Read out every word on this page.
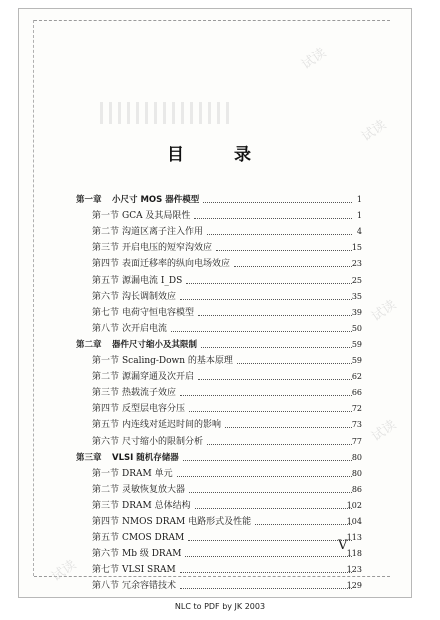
试读
试读
试读
试读
试读
目 录
第一章 小尺寸 MOS 器件模型	1
第一节 GCA 及其局限性	1
第二节 沟道区离子注入作用	4
第三节 开启电压的短窄沟效应	15
第四节 表面迁移率的纵向电场效应	23
第五节 源漏电流 I_DS	25
第六节 沟长调制效应	35
第七节 电荷守恒电容模型	39
第八节 次开启电流	50
第二章 器件尺寸缩小及其限制	59
第一节 Scaling-Down 的基本原理	59
第二节 源漏穿通及次开启	62
第三节 热载流子效应	66
第四节 反型层电容分压	72
第五节 内连线对延迟时间的影响	73
第六节 尺寸缩小的限制分析	77
第三章 VLSI 随机存储器	80
第一节 DRAM 单元	80
第二节 灵敏恢复放大器	86
第三节 DRAM 总体结构	102
第四节 NMOS DRAM 电路形式及性能	104
第五节 CMOS DRAM	113
第六节 Mb 级 DRAM	118
第七节 VLSI SRAM	123
第八节 冗余容错技术	129
V
NLC to PDF by JK 2003
